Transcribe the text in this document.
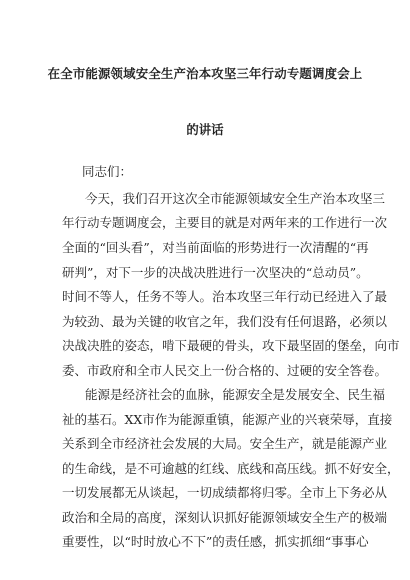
在全市能源领域安全生产治本攻坚三年行动专题调度会上
的讲话
同志们：
今天，我们召开这次全市能源领域安全生产治本攻坚三
年行动专题调度会，主要目的就是对两年来的工作进行一次
全面的“回头看”，对当前面临的形势进行一次清醒的“再
研判”，对下一步的决战决胜进行一次坚决的“总动员”。
时间不等人，任务不等人。治本攻坚三年行动已经进入了最
为较劲、最为关键的收官之年，我们没有任何退路，必须以
决战决胜的姿态，啃下最硬的骨头，攻下最坚固的堡垒，向市
委、市政府和全市人民交上一份合格的、过硬的安全答卷。
能源是经济社会的血脉，能源安全是发展安全、民生福
祉的基石。XX市作为能源重镇，能源产业的兴衰荣辱，直接
关系到全市经济社会发展的大局。安全生产，就是能源产业
的生命线，是不可逾越的红线、底线和高压线。抓不好安全，
一切发展都无从谈起，一切成绩都将归零。全市上下务必从
政治和全局的高度，深刻认识抓好能源领域安全生产的极端
重要性，以“时时放心不下”的责任感，抓实抓细“事事心
